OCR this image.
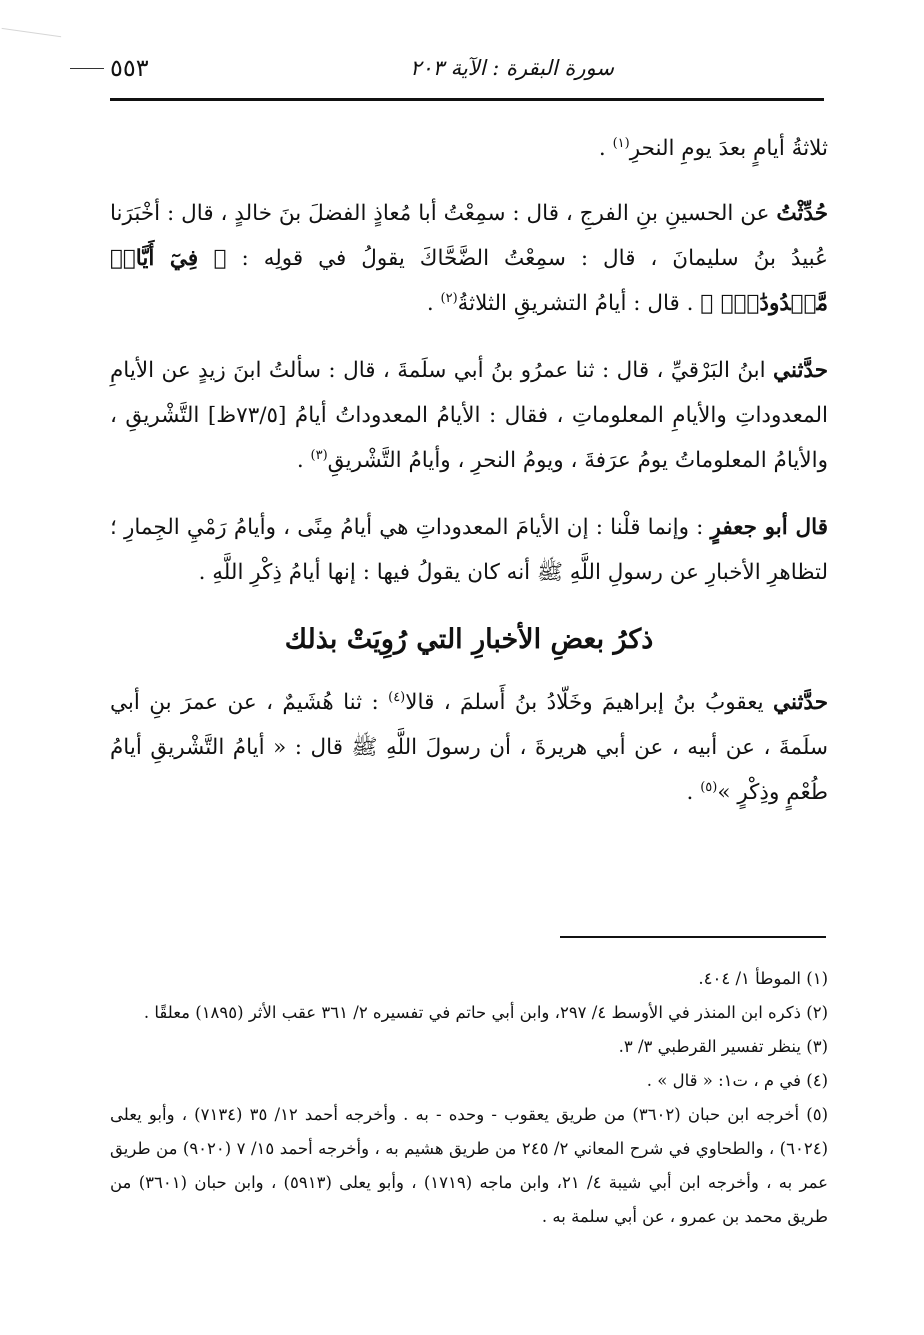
سورة البقرة : الآية ٢٠٣
٥٥٣

ثلاثةُ أيامٍ بعدَ يومِ النحرِ$^{(١)}$ .

حُدِّثْتُ عن الحسينِ بنِ الفرجِ ، قال : سمِعْتُ أبا مُعاذٍ الفضلَ بنَ خالدٍ ، قال : أخْبَرَنا عُبيدُ بنُ سليمانَ ، قال : سمِعْتُ الضَّحَّاكَ يقولُ في قولِه : ﴿ فِيٓ أَيَّامٖ مَّعۡدُودَٰتٖۚ ﴾ . قال : أيامُ التشريقِ الثلاثةُ$^{(٢)}$ .

حدَّثني ابنُ البَرْقيِّ ، قال : ثنا عمرُو بنُ أبي سلَمةَ ، قال : سألتُ ابنَ زيدٍ عن الأيامِ المعدوداتِ والأيامِ المعلوماتِ ، فقال : الأيامُ المعدوداتُ أيامُ [٧٣/٥ظ] التَّشْريقِ ، والأيامُ المعلوماتُ يومُ عرَفةَ ، ويومُ النحرِ ، وأيامُ التَّشْريقِ$^{(٣)}$ .

قال أبو جعفرٍ : وإنما قلْنا : إن الأيامَ المعدوداتِ هي أيامُ مِنًى ، وأيامُ رَمْيِ الجِمارِ ؛ لتظاهرِ الأخبارِ عن رسولِ اللَّهِ ﷺ أنه كان يقولُ فيها : إنها أيامُ ذِكْرِ اللَّهِ .

ذكرُ بعضِ الأخبارِ التي رُوِيَتْ بذلك

حدَّثني يعقوبُ بنُ إبراهيمَ وخَلّادُ بنُ أَسلمَ ، قالا$^{(٤)}$ : ثنا هُشَيمٌ ، عن عمرَ بنِ أبي سلَمةَ ، عن أبيه ، عن أبي هريرةَ ، أن رسولَ اللَّهِ ﷺ قال : « أيامُ التَّشْريقِ أيامُ طُعْمٍ وذِكْرٍ »$^{(٥)}$ .

(١) الموطأ ١/ ٤٠٤.

(٢) ذكره ابن المنذر في الأوسط ٤/ ٢٩٧، وابن أبي حاتم في تفسيره ٢/ ٣٦١ عقب الأثر (١٨٩٥) معلقًا .

(٣) ينظر تفسير القرطبي ٣/ ٣.

(٤) في م ، ت١: « قال » .

(٥) أخرجه ابن حبان (٣٦٠٢) من طريق يعقوب - وحده - به . وأخرجه أحمد ١٢/ ٣٥ (٧١٣٤) ، وأبو يعلى (٦٠٢٤) ، والطحاوي في شرح المعاني ٢/ ٢٤٥ من طريق هشيم به ، وأخرجه أحمد ١٥/ ٧ (٩٠٢٠) من طريق عمر به ، وأخرجه ابن أبي شيبة ٤/ ٢١، وابن ماجه (١٧١٩) ، وأبو يعلى (٥٩١٣) ، وابن حبان (٣٦٠١) من طريق محمد بن عمرو ، عن أبي سلمة به .
